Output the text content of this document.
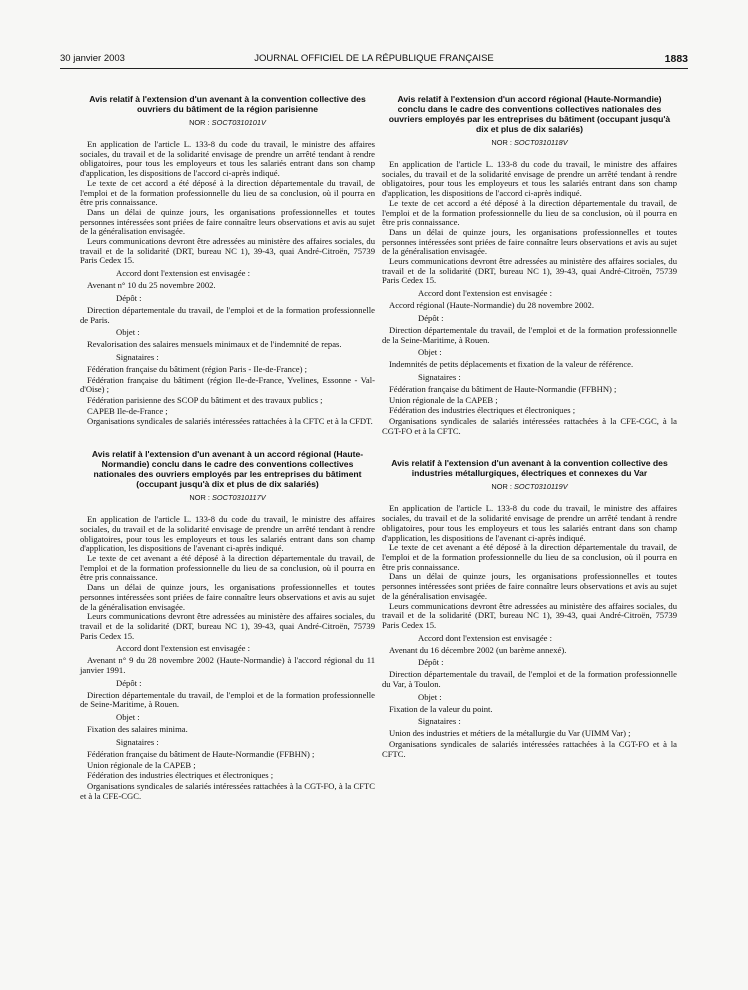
30 janvier 2003	JOURNAL OFFICIEL DE LA RÉPUBLIQUE FRANÇAISE	1883
Avis relatif à l'extension d'un avenant à la convention collective des ouvriers du bâtiment de la région parisienne
NOR : SOCT0310101V

En application de l'article L. 133-8 du code du travail, le ministre des affaires sociales, du travail et de la solidarité envisage de prendre un arrêté tendant à rendre obligatoires, pour tous les employeurs et tous les salariés entrant dans son champ d'application, les dispositions de l'accord ci-après indiqué.

Le texte de cet accord a été déposé à la direction départementale du travail, de l'emploi et de la formation professionnelle du lieu de sa conclusion, où il pourra en être pris connaissance.

Dans un délai de quinze jours, les organisations professionnelles et toutes personnes intéressées sont priées de faire connaître leurs observations et avis au sujet de la généralisation envisagée.

Leurs communications devront être adressées au ministère des affaires sociales, du travail et de la solidarité (DRT, bureau NC 1), 39-43, quai André-Citroën, 75739 Paris Cedex 15.

Accord dont l'extension est envisagée :

Avenant n° 10 du 25 novembre 2002.

Dépôt :

Direction départementale du travail, de l'emploi et de la formation professionnelle de Paris.

Objet :

Revalorisation des salaires mensuels minimaux et de l'indemnité de repas.

Signataires :

Fédération française du bâtiment (région Paris - Ile-de-France) ;

Fédération française du bâtiment (région Ile-de-France, Yvelines, Essonne - Val-d'Oise) ;

Fédération parisienne des SCOP du bâtiment et des travaux publics ;

CAPEB Ile-de-France ;

Organisations syndicales de salariés intéressées rattachées à la CFTC et à la CFDT.

Avis relatif à l'extension d'un avenant à un accord régional (Haute-Normandie) conclu dans le cadre des conventions collectives nationales des ouvriers employés par les entreprises du bâtiment (occupant jusqu'à dix et plus de dix salariés)
NOR : SOCT0310117V

En application de l'article L. 133-8 du code du travail, le ministre des affaires sociales, du travail et de la solidarité envisage de prendre un arrêté tendant à rendre obligatoires, pour tous les employeurs et tous les salariés entrant dans son champ d'application, les dispositions de l'avenant ci-après indiqué.

Le texte de cet avenant a été déposé à la direction départementale du travail, de l'emploi et de la formation professionnelle du lieu de sa conclusion, où il pourra en être pris connaissance.

Dans un délai de quinze jours, les organisations professionnelles et toutes personnes intéressées sont priées de faire connaître leurs observations et avis au sujet de la généralisation envisagée.

Leurs communications devront être adressées au ministère des affaires sociales, du travail et de la solidarité (DRT, bureau NC 1), 39-43, quai André-Citroën, 75739 Paris Cedex 15.

Accord dont l'extension est envisagée :

Avenant n° 9 du 28 novembre 2002 (Haute-Normandie) à l'accord régional du 11 janvier 1991.

Dépôt :

Direction départementale du travail, de l'emploi et de la formation professionnelle de Seine-Maritime, à Rouen.

Objet :

Fixation des salaires minima.

Signataires :

Fédération française du bâtiment de Haute-Normandie (FFBHN) ;

Union régionale de la CAPEB ;

Fédération des industries électriques et électroniques ;

Organisations syndicales de salariés intéressées rattachées à la CGT-FO, à la CFTC et à la CFE-CGC.

Avis relatif à l'extension d'un accord régional (Haute-Normandie) conclu dans le cadre des conventions collectives nationales des ouvriers employés par les entreprises du bâtiment (occupant jusqu'à dix et plus de dix salariés)
NOR : SOCT0310118V

En application de l'article L. 133-8 du code du travail, le ministre des affaires sociales, du travail et de la solidarité envisage de prendre un arrêté tendant à rendre obligatoires, pour tous les employeurs et tous les salariés entrant dans son champ d'application, les dispositions de l'accord ci-après indiqué.

Le texte de cet accord a été déposé à la direction départementale du travail, de l'emploi et de la formation professionnelle du lieu de sa conclusion, où il pourra en être pris connaissance.

Dans un délai de quinze jours, les organisations professionnelles et toutes personnes intéressées sont priées de faire connaître leurs observations et avis au sujet de la généralisation envisagée.

Leurs communications devront être adressées au ministère des affaires sociales, du travail et de la solidarité (DRT, bureau NC 1), 39-43, quai André-Citroën, 75739 Paris Cedex 15.

Accord dont l'extension est envisagée :

Accord régional (Haute-Normandie) du 28 novembre 2002.

Dépôt :

Direction départementale du travail, de l'emploi et de la formation professionnelle de la Seine-Maritime, à Rouen.

Objet :

Indemnités de petits déplacements et fixation de la valeur de référence.

Signataires :

Fédération française du bâtiment de Haute-Normandie (FFBHN) ;

Union régionale de la CAPEB ;

Fédération des industries électriques et électroniques ;

Organisations syndicales de salariés intéressées rattachées à la CFE-CGC, à la CGT-FO et à la CFTC.

Avis relatif à l'extension d'un avenant à la convention collective des industries métallurgiques, électriques et connexes du Var
NOR : SOCT0310119V

En application de l'article L. 133-8 du code du travail, le ministre des affaires sociales, du travail et de la solidarité envisage de prendre un arrêté tendant à rendre obligatoires, pour tous les employeurs et tous les salariés entrant dans son champ d'application, les dispositions de l'avenant ci-après indiqué.

Le texte de cet avenant a été déposé à la direction départementale du travail, de l'emploi et de la formation professionnelle du lieu de sa conclusion, où il pourra en être pris connaissance.

Dans un délai de quinze jours, les organisations professionnelles et toutes personnes intéressées sont priées de faire connaître leurs observations et avis au sujet de la généralisation envisagée.

Leurs communications devront être adressées au ministère des affaires sociales, du travail et de la solidarité (DRT, bureau NC 1), 39-43, quai André-Citroën, 75739 Paris Cedex 15.

Accord dont l'extension est envisagée :

Avenant du 16 décembre 2002 (un barème annexé).

Dépôt :

Direction départementale du travail, de l'emploi et de la formation professionnelle du Var, à Toulon.

Objet :

Fixation de la valeur du point.

Signataires :

Union des industries et métiers de la métallurgie du Var (UIMM Var) ;

Organisations syndicales de salariés intéressées rattachées à la CGT-FO et à la CFTC.
